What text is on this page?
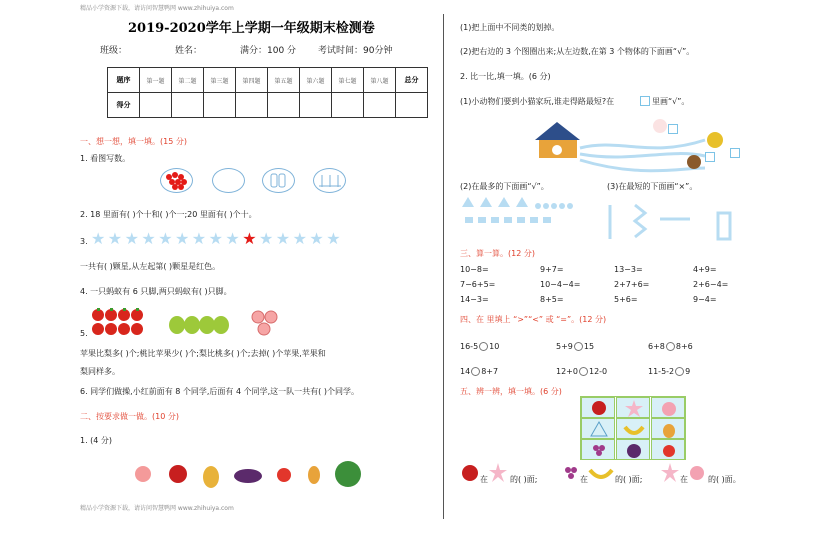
精品小学资源下载，请访问智慧鸭网 www.zhihuiya.com
2019-2020学年上学期一年级期末检测卷
班级：	姓名：	满分：100 分 考试时间：90分钟
题序	第一题	第二题	第三题	第四题	第五题	第六题	第七题	第八题	总分
得分									
一、想一想，填一填。(15 分)
1. 看图写数。
2. 18 里面有( )个十和( )个一;20 里面有( )个十。
3. ★ ★ ★ ★ ★ ★ ★ ★ ★ ★ ★ ★ ★ ★ ★
一共有( )颗星,从左起第( )颗星是红色。
4. 一只蚂蚁有 6 只脚,两只蚂蚁有( )只脚。
5.
苹果比梨多( )个;桃比苹果少( )个;梨比桃多( )个;去掉( )个苹果,苹果和
梨同样多。
6. 同学们做操,小红前面有 8 个同学,后面有 4 个同学,这一队一共有( )个同学。
二、按要求做一做。(10 分)
1. (4 分)
精品小学资源下载，请访问智慧鸭网 www.zhihuiya.com
(1)把上面中不同类的划掉。
(2)把右边的 3 个图圈出来;从左边数,在第 3 个物体的下面画“√”。
2. 比一比,填一填。(6 分)
(1)小动物们要到小猫家玩,谁走得路最短?在	里画“√”。
(2)在最多的下面画“√”。	(3)在最短的下面画“×”。
三、算一算。(12 分)
10−8=	9+7=	13−3=	4+9=
7−6+5=	10−4−4=	2+7+6=	2+6−4=
14−3=	8+5=	5+6=	9−4=
四、在 里填上 “>”“<” 或 “=”。(12 分)
16-5 10	5+9 15	6+8 8+6
14 8+7	12+0 12-0	11-5-2 9
五、辨一辨，填一填。(6 分)
在	的( )面;	在	的( )面;	在	的( )面。
